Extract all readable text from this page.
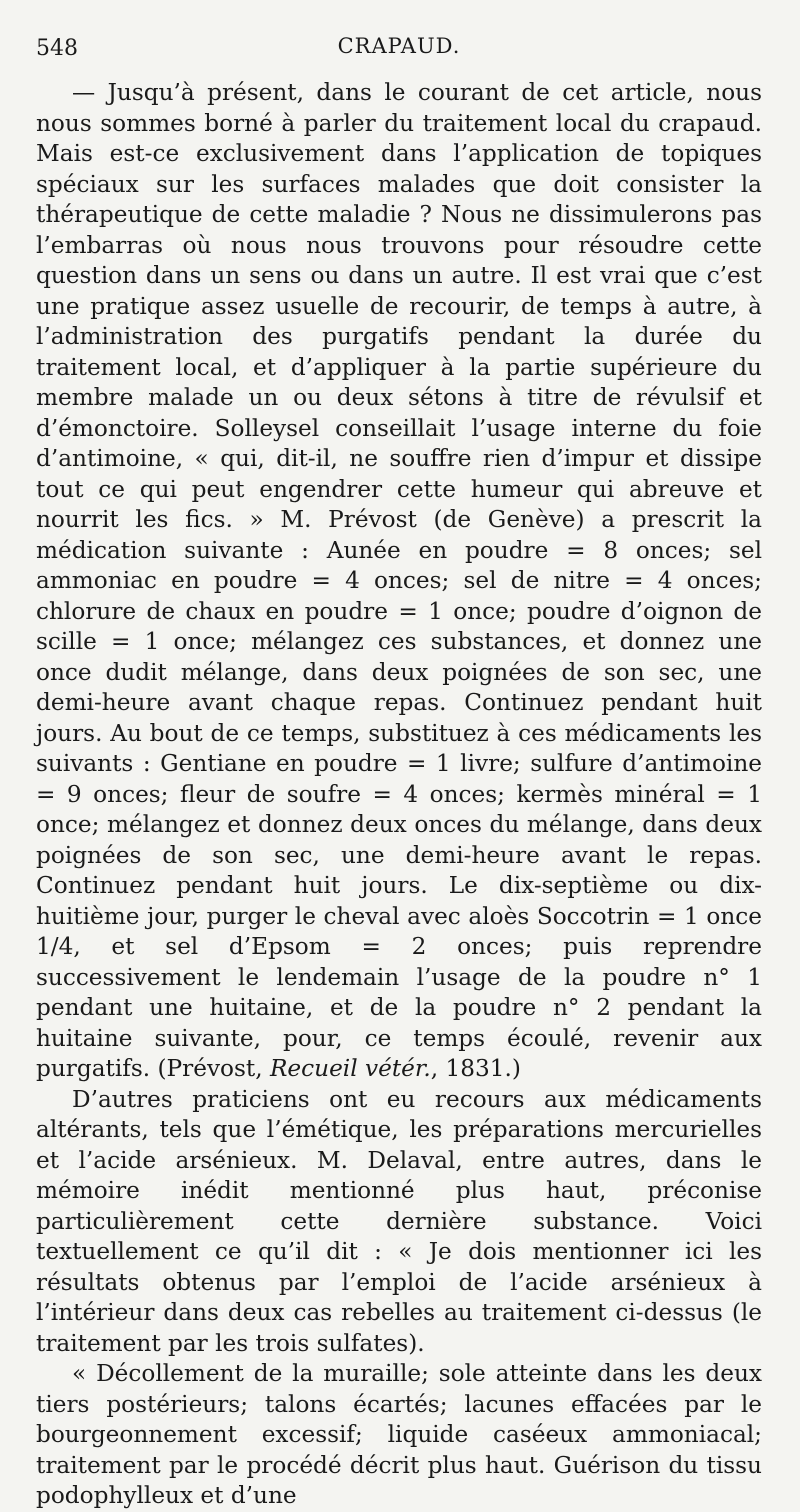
548	CRAPAUD.

— Jusqu’à présent, dans le courant de cet article, nous nous sommes borné à parler du traitement local du crapaud. Mais est-ce exclusivement dans l’application de topiques spéciaux sur les surfaces malades que doit consister la thérapeutique de cette maladie ? Nous ne dissimulerons pas l’embarras où nous nous trouvons pour résoudre cette question dans un sens ou dans un autre. Il est vrai que c’est une pratique assez usuelle de recourir, de temps à autre, à l’administration des purgatifs pendant la durée du traitement local, et d’appliquer à la partie supérieure du membre malade un ou deux sétons à titre de révulsif et d’émonctoire. Solleysel conseillait l’usage interne du foie d’antimoine, « qui, dit-il, ne souffre rien d’impur et dissipe tout ce qui peut engendrer cette humeur qui abreuve et nourrit les fics. » M. Prévost (de Genève) a prescrit la médication suivante : Aunée en poudre = 8 onces; sel ammoniac en poudre = 4 onces; sel de nitre = 4 onces; chlorure de chaux en poudre = 1 once; poudre d’oignon de scille = 1 once; mélangez ces substances, et donnez une once dudit mélange, dans deux poignées de son sec, une demi-heure avant chaque repas. Continuez pendant huit jours. Au bout de ce temps, substituez à ces médicaments les suivants : Gentiane en poudre = 1 livre; sulfure d’antimoine = 9 onces; fleur de soufre = 4 onces; kermès minéral = 1 once; mélangez et donnez deux onces du mélange, dans deux poignées de son sec, une demi-heure avant le repas. Continuez pendant huit jours. Le dix-septième ou dix-huitième jour, purger le cheval avec aloès Soccotrin = 1 once 1/4, et sel d’Epsom = 2 onces; puis reprendre successivement le lendemain l’usage de la poudre n° 1 pendant une huitaine, et de la poudre n° 2 pendant la huitaine suivante, pour, ce temps écoulé, revenir aux purgatifs. (Prévost, Recueil vétér., 1831.)

D’autres praticiens ont eu recours aux médicaments altérants, tels que l’émétique, les préparations mercurielles et l’acide arsénieux. M. Delaval, entre autres, dans le mémoire inédit mentionné plus haut, préconise particulièrement cette dernière substance. Voici textuellement ce qu’il dit : « Je dois mentionner ici les résultats obtenus par l’emploi de l’acide arsénieux à l’intérieur dans deux cas rebelles au traitement ci-dessus (le traitement par les trois sulfates).

« Décollement de la muraille; sole atteinte dans les deux tiers postérieurs; talons écartés; lacunes effacées par le bourgeonnement excessif; liquide caséeux ammoniacal; traitement par le procédé décrit plus haut. Guérison du tissu podophylleux et d’une
